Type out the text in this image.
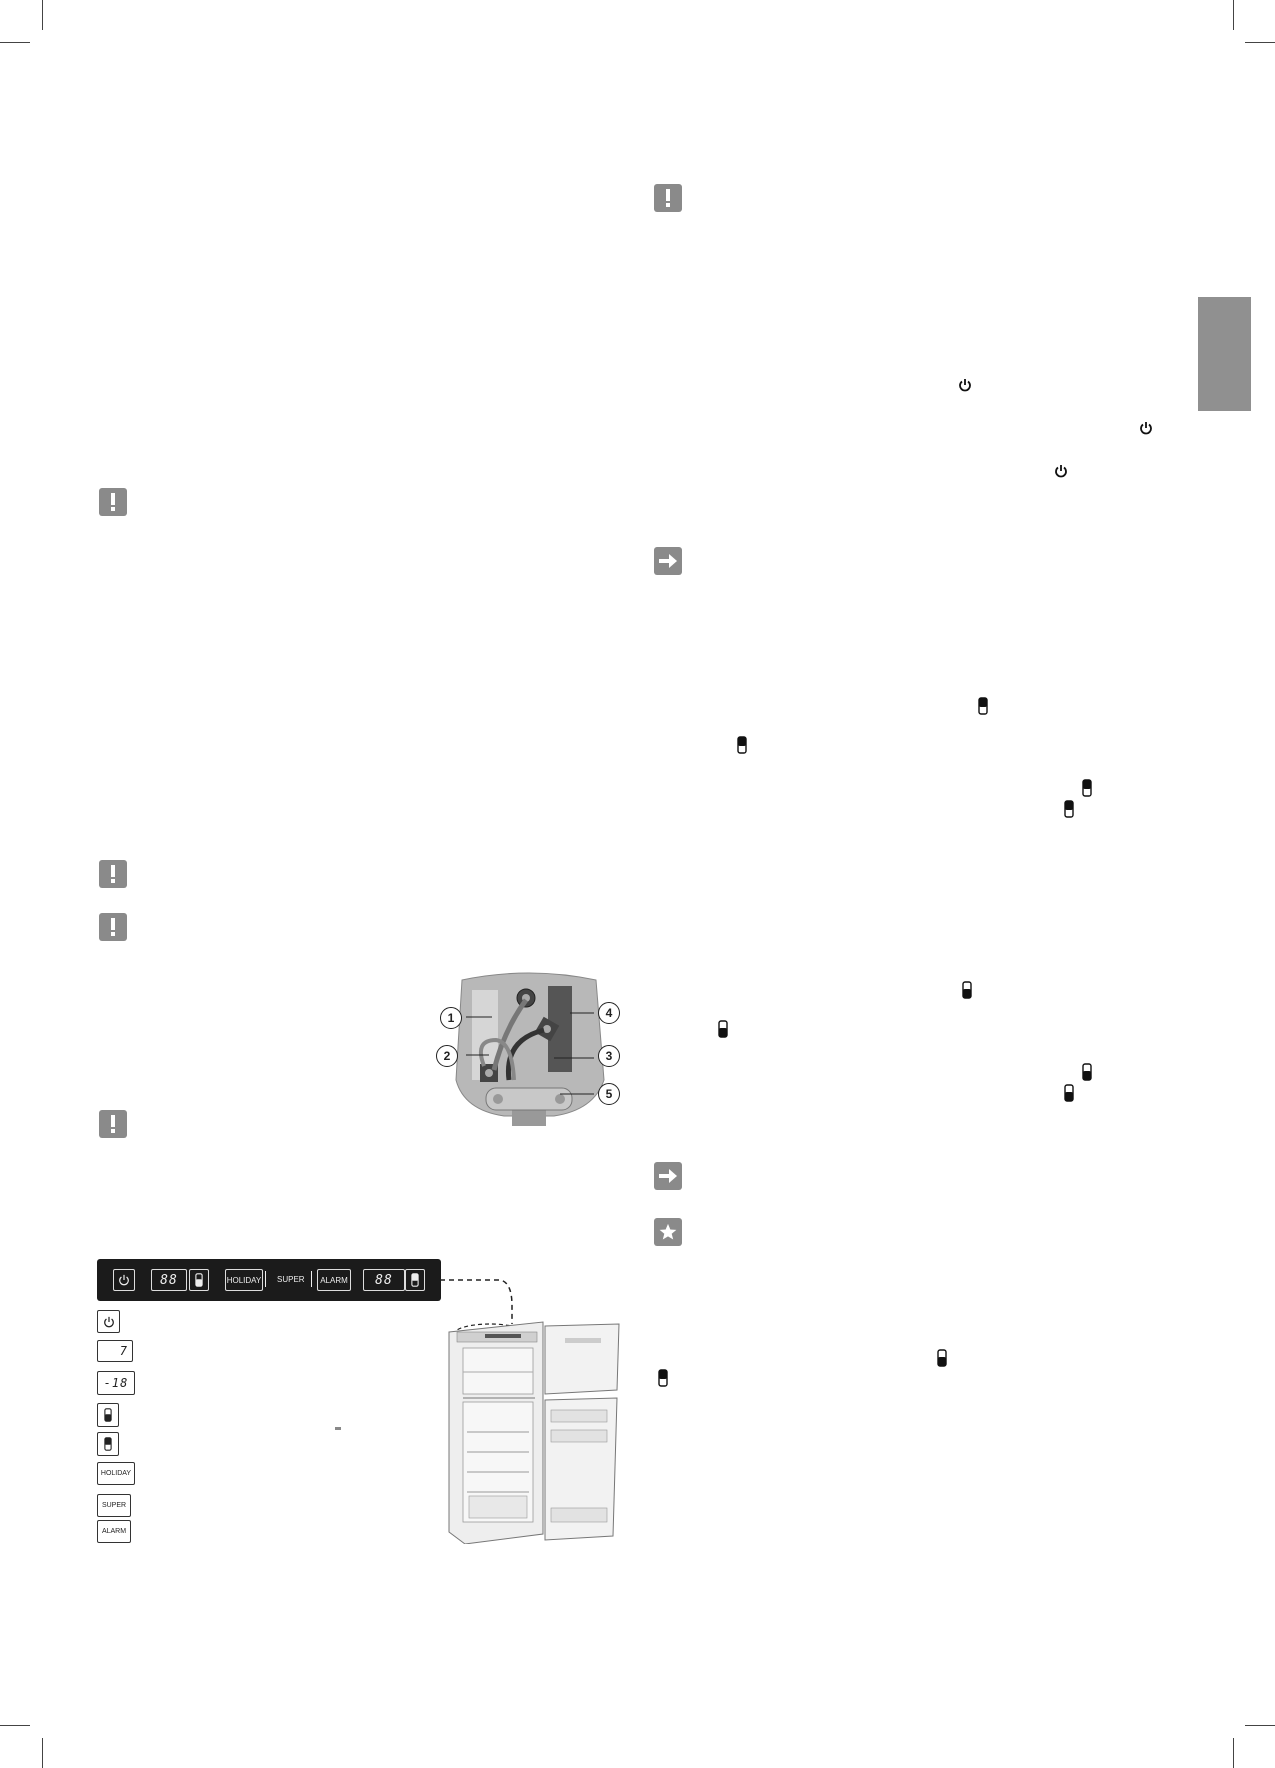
1
2	3
4
5
88	HOLIDAY SUPER	ALARM	88
7
-18
HOLIDAY
SUPER
ALARM
